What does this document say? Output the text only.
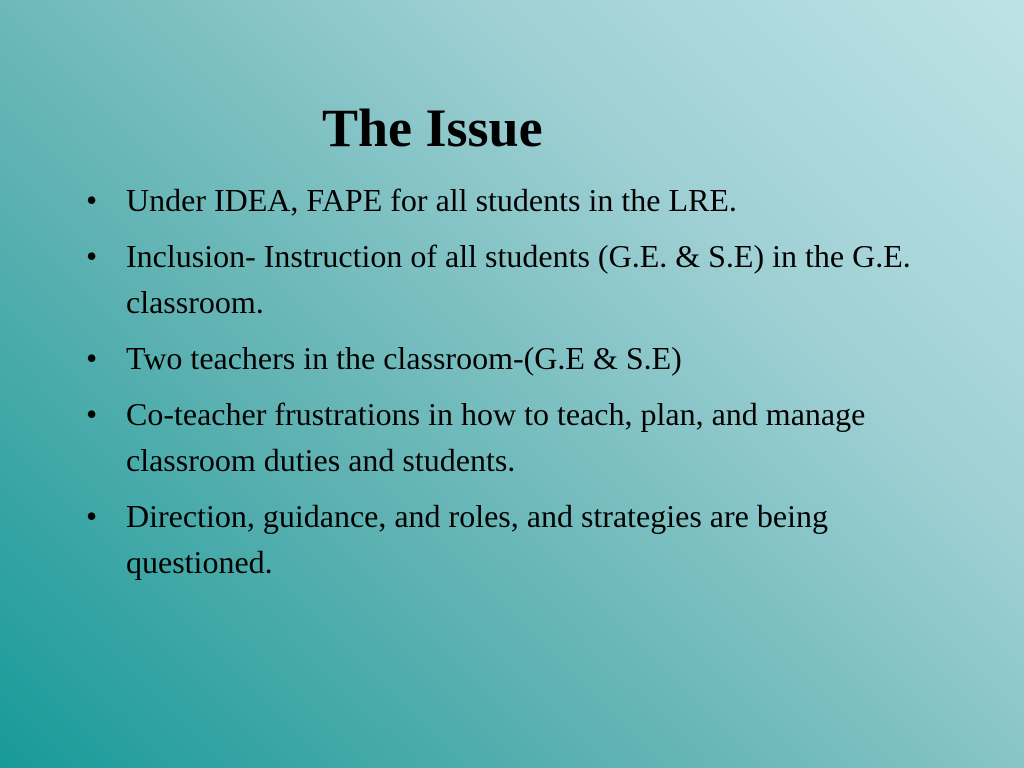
The Issue
• Under IDEA, FAPE for all students in the LRE.
• Inclusion- Instruction of all students (G.E. & S.E) in the G.E. classroom.
• Two teachers in the classroom-(G.E & S.E)
• Co-teacher frustrations in how to teach, plan, and manage classroom duties and students.
• Direction, guidance, and roles, and strategies are being questioned.
